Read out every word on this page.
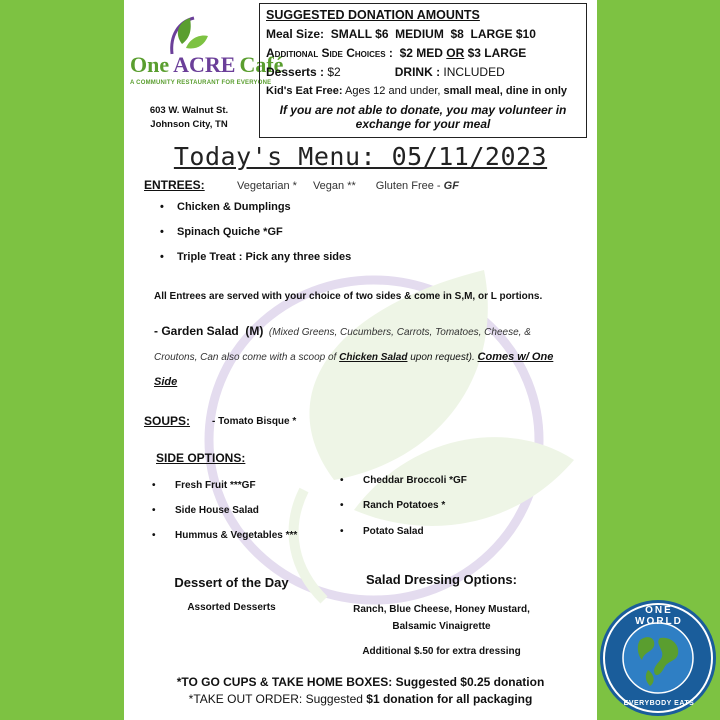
One ACRE Café
A COMMUNITY RESTAURANT FOR EVERYONE
603 W. Walnut St.
Johnson City, TN
SUGGESTED DONATION AMOUNTS
Meal Size: SMALL $6  MEDIUM  $8  LARGE $10
Additional Side Choices : $2 MED OR $3 LARGE
Desserts : $2	DRINK : INCLUDED
Kid's Eat Free: Ages 12 and under, small meal, dine in only
If you are not able to donate, you may volunteer in exchange for your meal
Today's Menu: 05/11/2023
ENTREES:	Vegetarian * Vegan ** Gluten Free - GF
• Chicken & Dumplings
• Spinach Quiche *GF
• Triple Treat : Pick any three sides
All Entrees are served with your choice of two sides & come in S,M, or L portions.
- Garden Salad  (M) (Mixed Greens, Cucumbers, Carrots, Tomatoes, Cheese, & Croutons, Can also come with a scoop of Chicken Salad upon request). Comes w/ One Side
SOUPS: - Tomato Bisque *
SIDE OPTIONS:
• Fresh Fruit ***GF
• Side House Salad
• Hummus & Vegetables ***
• Cheddar Broccoli *GF
• Ranch Potatoes *
• Potato Salad
Dessert of the Day
Assorted Desserts
Salad Dressing Options:
Ranch, Blue Cheese, Honey Mustard,
Balsamic Vinaigrette
Additional $.50 for extra dressing
*TO GO CUPS & TAKE HOME BOXES: Suggested $0.25 donation
*TAKE OUT ORDER: Suggested $1 donation for all packaging
ONE WORLD
EVERYBODY EATS
